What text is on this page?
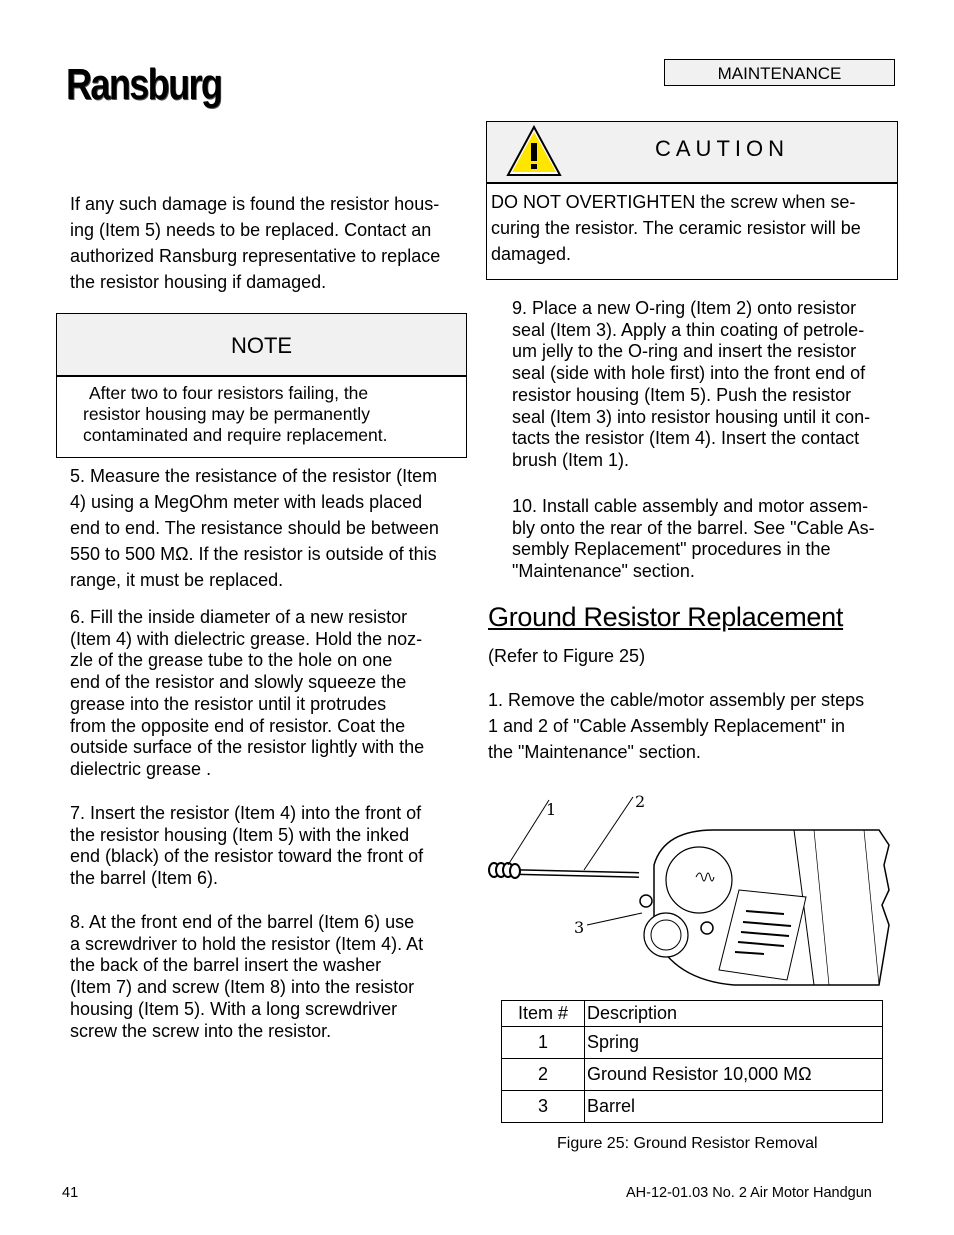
Ransburg	MAINTENANCE
If any such damage is found the resistor hous-
ing (Item 5) needs to be replaced. Contact an
authorized Ransburg representative to replace
the resistor housing if damaged.
NOTE
After two to four resistors failing, the
resistor housing may be permanently
contaminated and require replacement.
5. Measure the resistance of the resistor (Item
4) using a MegOhm meter with leads placed
end to end. The resistance should be between
550 to 500 MΩ. If the resistor is outside of this
range, it must be replaced.
6. Fill the inside diameter of a new resistor
(Item 4) with dielectric grease. Hold the noz-
zle of the grease tube to the hole on one
end of the resistor and slowly squeeze the
grease into the resistor until it protrudes
from the opposite end of resistor. Coat the
outside surface of the resistor lightly with the
dielectric grease .
7. Insert the resistor (Item 4) into the front of
the resistor housing (Item 5) with the inked
end (black) of the resistor toward the front of
the barrel (Item 6).
8. At the front end of the barrel (Item 6) use
a screwdriver to hold the resistor (Item 4). At
the back of the barrel insert the washer
(Item 7) and screw (Item 8) into the resistor
housing (Item 5). With a long screwdriver
screw the screw into the resistor.
CAUTION
DO NOT OVERTIGHTEN the screw when se-
curing the resistor. The ceramic resistor will be
damaged.
9. Place a new O-ring (Item 2) onto resistor
seal (Item 3). Apply a thin coating of petrole-
um jelly to the O-ring and insert the resistor
seal (side with hole first) into the front end of
resistor housing (Item 5). Push the resistor
seal (Item 3) into resistor housing until it con-
tacts the resistor (Item 4). Insert the contact
brush (Item 1).
10. Install cable assembly and motor assem-
bly onto the rear of the barrel. See "Cable As-
sembly Replacement" procedures in the
"Maintenance" section.
Ground Resistor Replacement
(Refer to Figure 25)
1. Remove the cable/motor assembly per steps
1 and 2 of "Cable Assembly Replacement" in
the "Maintenance" section.
1	2
3
Item #	Description
1	Spring
2	Ground Resistor 10,000 MΩ
3	Barrel
Figure 25: Ground Resistor Removal
41	AH-12-01.03 No. 2 Air Motor Handgun
